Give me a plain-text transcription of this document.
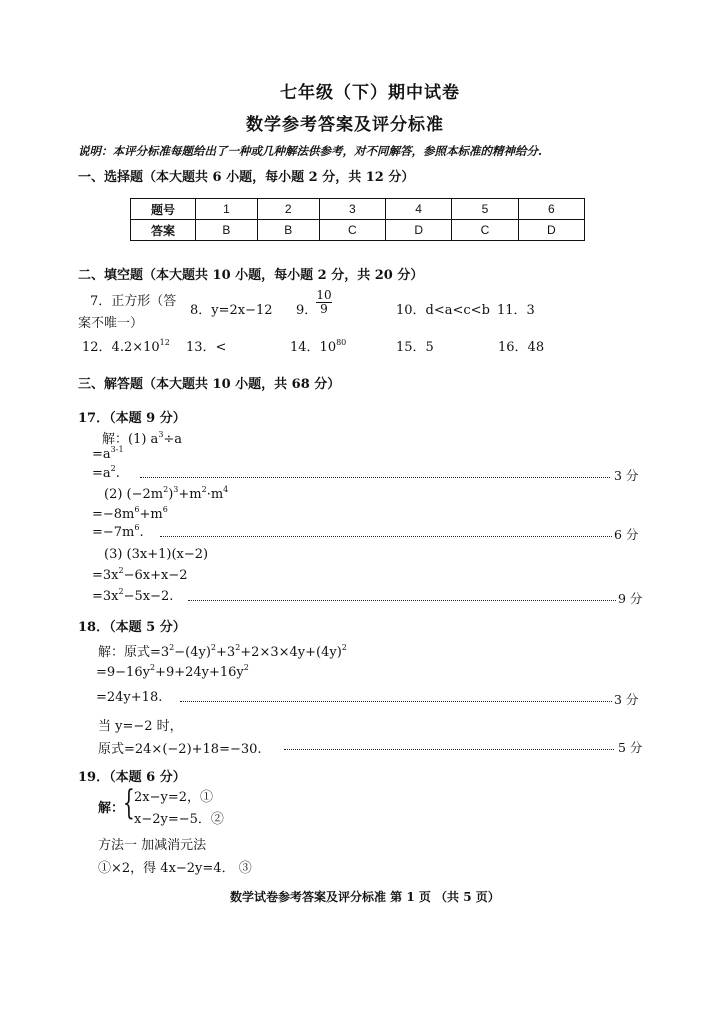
七年级（下）期中试卷
数学参考答案及评分标准
说明：本评分标准每题给出了一种或几种解法供参考，对不同解答，参照本标准的精神给分.
一、选择题（本大题共 6 小题，每小题 2 分，共 12 分）
题号	1	2	3	4	5	6
答案	B	B	C	D	C	D
二、填空题（本大题共 10 小题，每小题 2 分，共 20 分）
7．正方形（答
案不唯一）
8．y=2x−12 9．
$\frac{10}{9}$	10．d<a<c<b 11．3
12．$4.2\times 10^{12}$ 13．<	14．$10^{80}$	15．5	16．48
三、解答题（本大题共 10 小题，共 68 分）
17．（本题 9 分）
解：(1) $a^3\div a$
$=a^{3-1}$
$=a^2$.	3 分
(2) $(-2m^2)^3+m^2\cdot m^4$
$=-8m^6+m^6$
$=-7m^6$.	6 分
(3) (3x+1)(x−2)
$=3x^2-6x+x-2$
$=3x^2-5x-2$.	9 分
18．（本题 5 分）
解：原式$=3^2-(4y)^2+3^2+2\times 3\times 4y+(4y)^2$
$=9-16y^2+9+24y+16y^2$
=24y+18.	3 分
当 y=−2 时，
原式=24×(−2)+18=−30.	5 分
19．（本题 6 分）
解：
{ 2x−y=2，①
x−2y=−5．②
方法一 加减消元法
①×2，得 4x−2y=4． ③
数学试卷参考答案及评分标准 第 1 页 （共 5 页）
